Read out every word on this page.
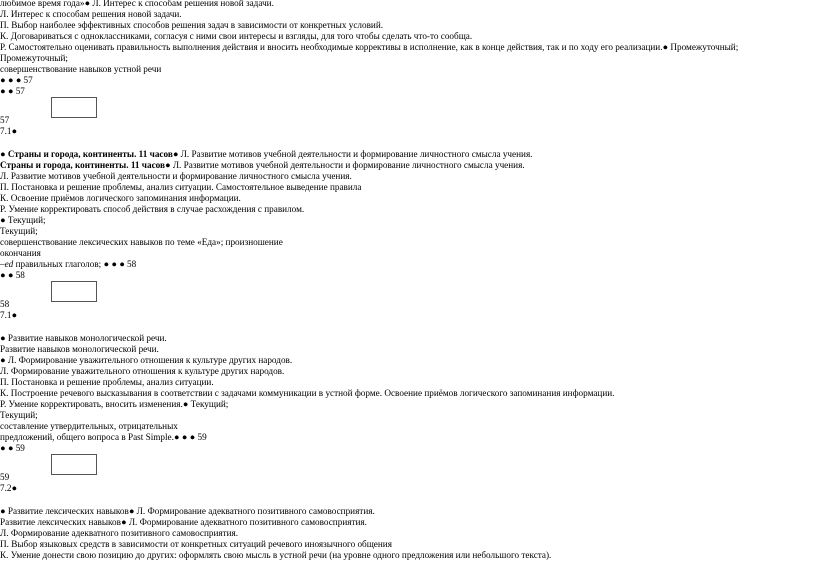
любимое время года»● Л. Интерес к способам решения новой задачи.
Л. Интерес к способам решения новой задачи.
П. Выбор наиболее эффективных способов решения задач в зависимости от конкретных условий.
К. Договариваться с одноклассниками, согласуя с ними свои интересы и взгляды, для того чтобы сделать что-то сообща.
Р. Самостоятельно оценивать правильность выполнения действия и вносить необходимые коррективы в исполнение, как в конце действия, так и по ходу его реализации.● Промежуточный;
Промежуточный;
совершенствование навыков устной речи
● ● ● 57
● ● 57
57
7.1●
● Страны и города, континенты. 11 часов● Л. Развитие мотивов учебной деятельности и формирование личностного смысла учения.
Страны и города, континенты. 11 часов● Л. Развитие мотивов учебной деятельности и формирование личностного смысла учения.
Л. Развитие мотивов учебной деятельности и формирование личностного смысла учения.
П. Постановка и решение проблемы, анализ ситуации. Самостоятельное выведение правила
К. Освоение приёмов логического запоминания информации.
Р. Умение корректировать способ действия в случае расхождения с правилом.
● Текущий;
Текущий;
совершенствование лексических навыков по теме «Еда»; произношение
окончания
–ed правильных глаголов; ● ● ● 58
● ● 58
58
7.1●
● Развитие навыков монологической речи.
Развитие навыков монологической речи.
● Л. Формирование уважительного отношения к культуре других народов.
Л. Формирование уважительного отношения к культуре других народов.
П. Постановка и решение проблемы, анализ ситуации.
К. Построение речевого высказывания в соответствии с задачами коммуникации в устной форме. Освоение приёмов логического запоминания информации.
Р. Умение корректировать, вносить изменения.● Текущий;
Текущий;
составление утвердительных, отрицательных
предложений, общего вопроса в Past Simple.● ● ● 59
● ● 59
59
7.2●
● Развитие лексических навыков● Л. Формирование адекватного позитивного самовосприятия.
Развитие лексических навыков● Л. Формирование адекватного позитивного самовосприятия.
Л. Формирование адекватного позитивного самовосприятия.
П. Выбор языковых средств в зависимости от конкретных ситуаций речевого иноязычного общения
К. Умение донести свою позицию до других: оформлять свою мысль в устной речи (на уровне одного предложения или небольшого текста).
